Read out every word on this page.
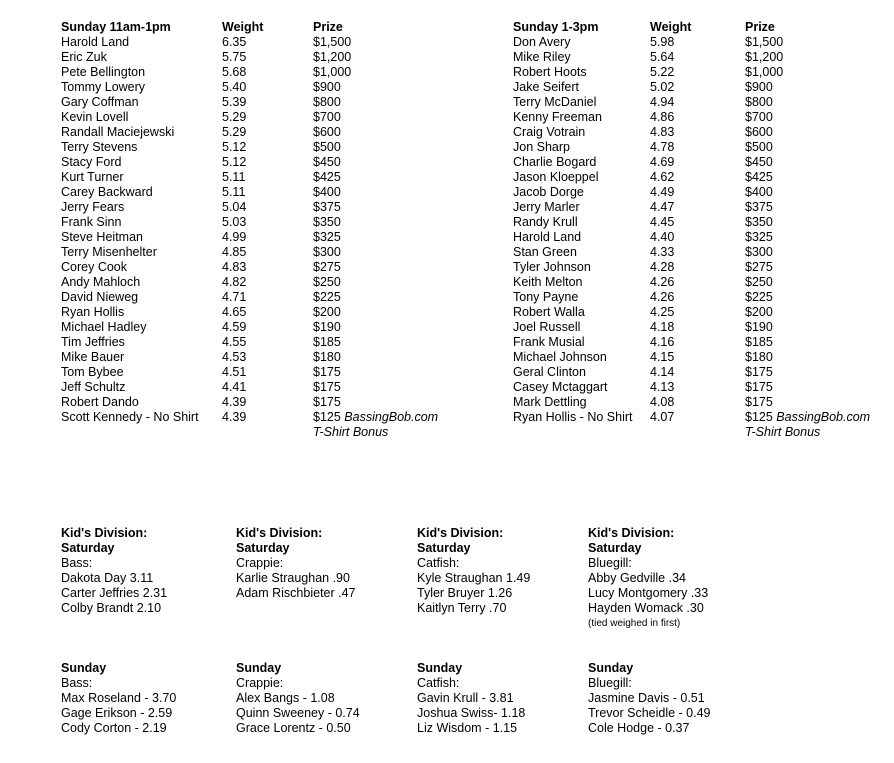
Sunday 11am-1pm	Weight	Prize
Harold Land	6.35	$1,500
Eric Zuk	5.75	$1,200
Pete Bellington	5.68	$1,000
Tommy Lowery	5.40	$900
Gary Coffman	5.39	$800
Kevin Lovell	5.29	$700
Randall Maciejewski	5.29	$600
Terry Stevens	5.12	$500
Stacy Ford	5.12	$450
Kurt Turner	5.11	$425
Carey Backward	5.11	$400
Jerry Fears	5.04	$375
Frank Sinn	5.03	$350
Steve Heitman	4.99	$325
Terry Misenhelter	4.85	$300
Corey Cook	4.83	$275
Andy Mahloch	4.82	$250
David Nieweg	4.71	$225
Ryan Hollis	4.65	$200
Michael Hadley	4.59	$190
Tim Jeffries	4.55	$185
Mike Bauer	4.53	$180
Tom Bybee	4.51	$175
Jeff Schultz	4.41	$175
Robert Dando	4.39	$175
Scott Kennedy - No Shirt 4.39	$125 BassingBob.com
T-Shirt Bonus
Sunday 1-3pm	Weight	Prize
Don Avery	5.98	$1,500
Mike Riley	5.64	$1,200
Robert Hoots	5.22	$1,000
Jake Seifert	5.02	$900
Terry McDaniel	4.94	$800
Kenny Freeman	4.86	$700
Craig Votrain	4.83	$600
Jon Sharp	4.78	$500
Charlie Bogard	4.69	$450
Jason Kloeppel	4.62	$425
Jacob Dorge	4.49	$400
Jerry Marler	4.47	$375
Randy Krull	4.45	$350
Harold Land	4.40	$325
Stan Green	4.33	$300
Tyler Johnson	4.28	$275
Keith Melton	4.26	$250
Tony Payne	4.26	$225
Robert Walla	4.25	$200
Joel Russell	4.18	$190
Frank Musial	4.16	$185
Michael Johnson	4.15	$180
Geral Clinton	4.14	$175
Casey Mctaggart	4.13	$175
Mark Dettling	4.08	$175
Ryan Hollis - No Shirt 4.07	$125 BassingBob.com
T-Shirt Bonus
Kid's Division:
Saturday
Bass:
Dakota Day 3.11
Carter Jeffries 2.31
Colby Brandt 2.10
Kid's Division:
Saturday
Crappie:
Karlie Straughan .90
Adam Rischbieter .47
Kid's Division:
Saturday
Catfish:
Kyle Straughan 1.49
Tyler Bruyer 1.26
Kaitlyn Terry .70
Kid's Division:
Saturday
Bluegill:
Abby Gedville .34
Lucy Montgomery .33
Hayden Womack .30
(tied weighed in first)
Sunday
Bass:
Max Roseland - 3.70
Gage Erikson - 2.59
Cody Corton - 2.19
Sunday
Crappie:
Alex Bangs - 1.08
Quinn Sweeney - 0.74
Grace Lorentz - 0.50
Sunday
Catfish:
Gavin Krull - 3.81
Joshua Swiss- 1.18
Liz Wisdom - 1.15
Sunday
Bluegill:
Jasmine Davis - 0.51
Trevor Scheidle - 0.49
Cole Hodge - 0.37
